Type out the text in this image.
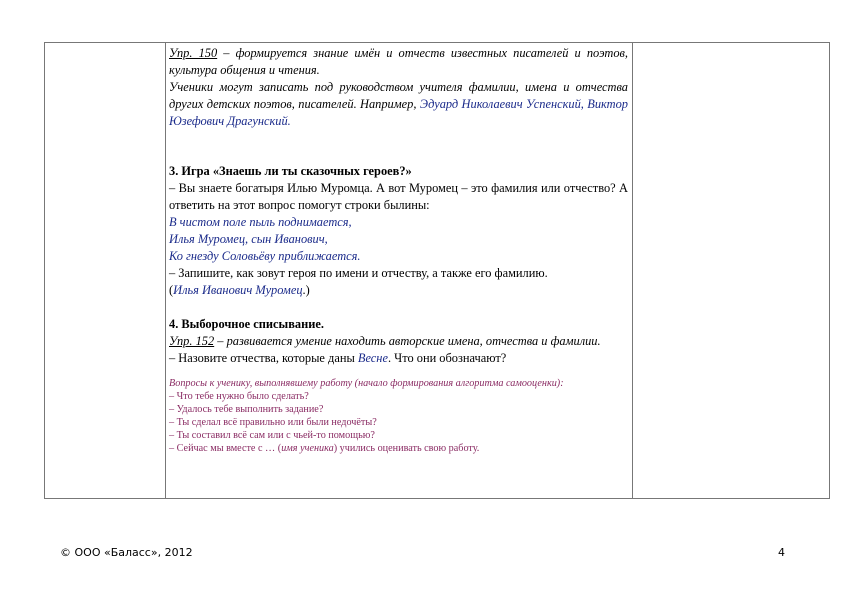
Упр. 150 – формируется знание имён и отчеств известных писателей и поэтов, культура общения и чтения.

Ученики могут записать под руководством учителя фамилии, имена и отчества других детских поэтов, писателей. Например, Эдуард Николаевич Успенский, Виктор Юзефович Драгунский.

3. Игра «Знаешь ли ты сказочных героев?»

– Вы знаете богатыря Илью Муромца. А вот Муромец – это фамилия или отчество? А ответить на этот вопрос помогут строки былины:

В чистом поле пыль поднимается,

Илья Муромец, сын Иванович,

Ко гнезду Соловьёву приближается.

– Запишите, как зовут героя по имени и отчеству, а также его фамилию.

(Илья Иванович Муромец.)

4. Выборочное списывание.

Упр. 152 – развивается умение находить авторские имена, отчества и фамилии.

– Назовите отчества, которые даны Весне. Что они обозначают?

Вопросы к ученику, выполнявшему работу (начало формирования алгоритма самооценки):

– Что тебе нужно было сделать?

– Удалось тебе выполнить задание?

– Ты сделал всё правильно или были недочёты?

– Ты составил всё сам или с чьей-то помощью?

– Сейчас мы вместе с … (имя ученика) учились оценивать свою работу.

© ООО «Баласс», 2012	4
